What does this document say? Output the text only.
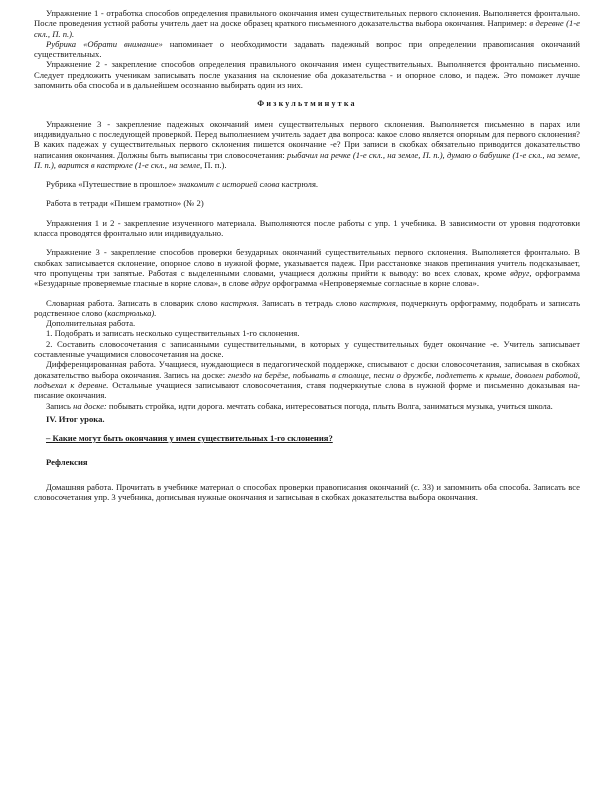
Упражнение 1 - отработка способов определения правильного окончания имен существительных первого склонения. Выполняется фронтально. После проведения устной работы учитель дает на доске образец краткого письменного доказательства выбора окончания. Например: в деревне (1-е скл., П. п.).

Рубрика «Обрати внимание» напоминает о необходимости задавать падежный вопрос при определении правописания окончаний существительных.

Упражнение 2 - закрепление способов определения правильного окончания имен существительных. Выполняется фронтально письменно. Следует предложить ученикам записывать после указания на склонение оба доказательства - и опорное слово, и падеж. Это поможет лучше запомнить оба способа и в дальнейшем осознанно выбирать один из них.

Физкультминутка

Упражнение 3 - закрепление падежных окончаний имен существительных первого склонения. Выполняется письменно в парах или индивидуально с последующей проверкой. Перед выполнением учитель задает два вопроса: какое слово является опорным для первого склонения? В каких падежах у существительных первого склонения пишется окончание -е? При записи в скобках обязательно приводится доказательство написания окончания. Должны быть выписаны три словосочетания: рыбачил на речке (1-е скл., на земле, П. п.), думаю о бабушке (1-е скл., на земле, П. п.), варится в кастрюле (1-е скл., на земле, П. п.).

Рубрика «Путешествие в прошлое» знакомит с историей слова кастрюля.

Работа в тетради «Пишем грамотно» (№ 2)

Упражнения 1 и 2 - закрепление изученного материала. Выполняются после работы с упр. 1 учебника. В зависимости от уровня подготовки класса проводятся фронтально или индивидуально.

Упражнение 3 - закрепление способов проверки безударных окончаний существительных первого склонения. Выполняется фронтально. В скобках записывается склонение, опорное слово в нужной форме, указывается падеж. При расстановке знаков препинания учитель подсказывает, что пропущены три запятые. Работая с выделенными словами, учащиеся должны прийти к выводу: во всех словах, кроме вдруг, орфограмма «Безударные проверяемые гласные в корне слова», в слове вдруг орфограмма «Непроверяемые согласные в корне слова».

Словарная работа. Записать в словарик слово кастрюля. Записать в тетрадь слово кастрюля, подчеркнуть орфограмму, подобрать и записать родственное слово (кастрюлька).

Дополнительная работа.

1. Подобрать и записать несколько существительных 1-го склонения.

2. Составить словосочетания с записанными существительными, в которых у существительных будет окончание -е. Учитель записывает составленные учащимися словосочетания на доске.

Дифференцированная работа. Учащиеся, нуждающиеся в педагогической поддержке, списывают с доски словосочетания, записывая в скобках доказательство выбора окончания. Запись на доске: гнездо на берёзе, побывать в столице, песни о дружбе, подлететь к крыше, доволен работой, подъехал к деревне. Остальные учащиеся записывают словосочетания, ставя подчеркнутые слова в нужной форме и письменно доказывая на-писание окончания.

Запись на доске: побывать стройка, идти дорога. мечтать собака, интересоваться погода, плыть Волга, заниматься музыка, учиться школа.

IV. Итог урока.

– Какие могут быть окончания у имен существительных 1-го склонения?

Рефлексия

Домашняя работа. Прочитать в учебнике материал о способах проверки правописания окончаний (с. 33) и запомнить оба способа. Записать все словосочетания упр. 3 учебника, дописывая нужные окончания и записывая в скобках доказательства выбора окончания.
